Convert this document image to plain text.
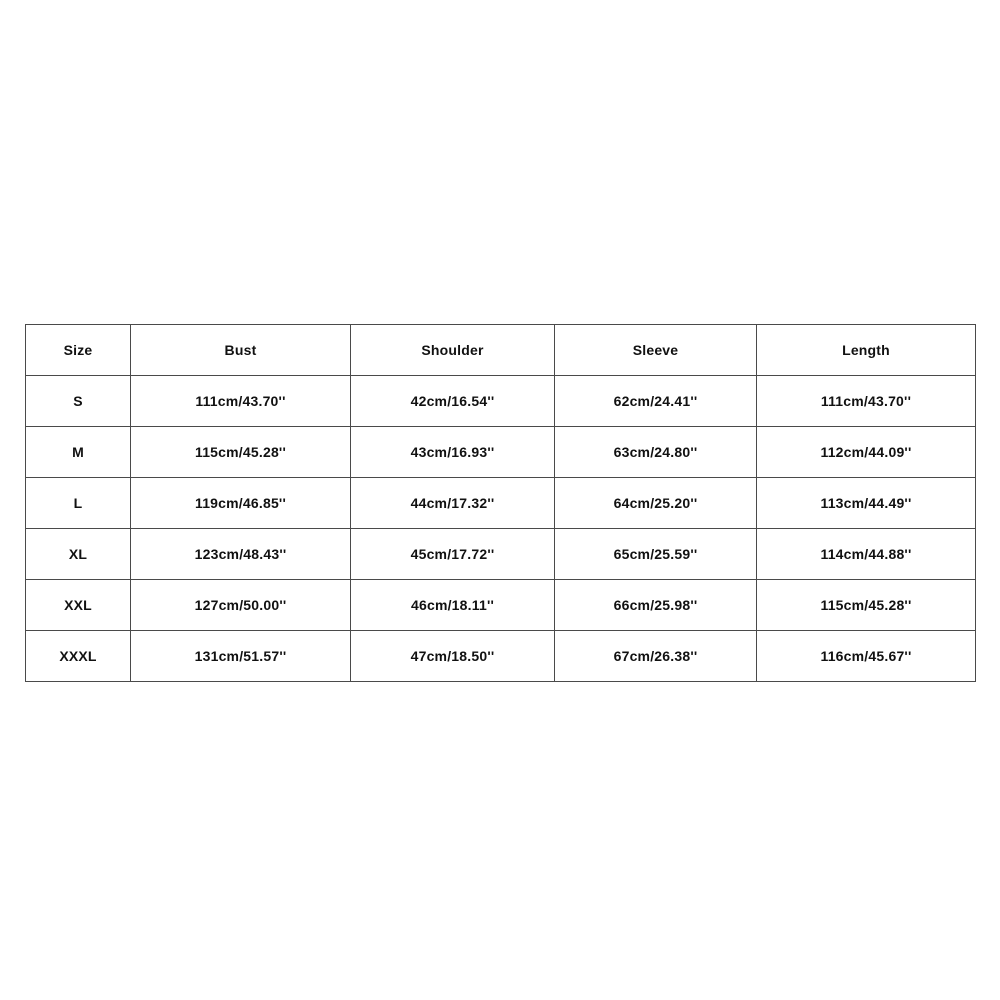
Size	Bust	Shoulder	Sleeve	Length
S	111cm/43.70''	42cm/16.54''	62cm/24.41''	111cm/43.70''
M	115cm/45.28''	43cm/16.93''	63cm/24.80''	112cm/44.09''
L	119cm/46.85''	44cm/17.32''	64cm/25.20''	113cm/44.49''
XL	123cm/48.43''	45cm/17.72''	65cm/25.59''	114cm/44.88''
XXL	127cm/50.00''	46cm/18.11''	66cm/25.98''	115cm/45.28''
XXXL	131cm/51.57''	47cm/18.50''	67cm/26.38''	116cm/45.67''
